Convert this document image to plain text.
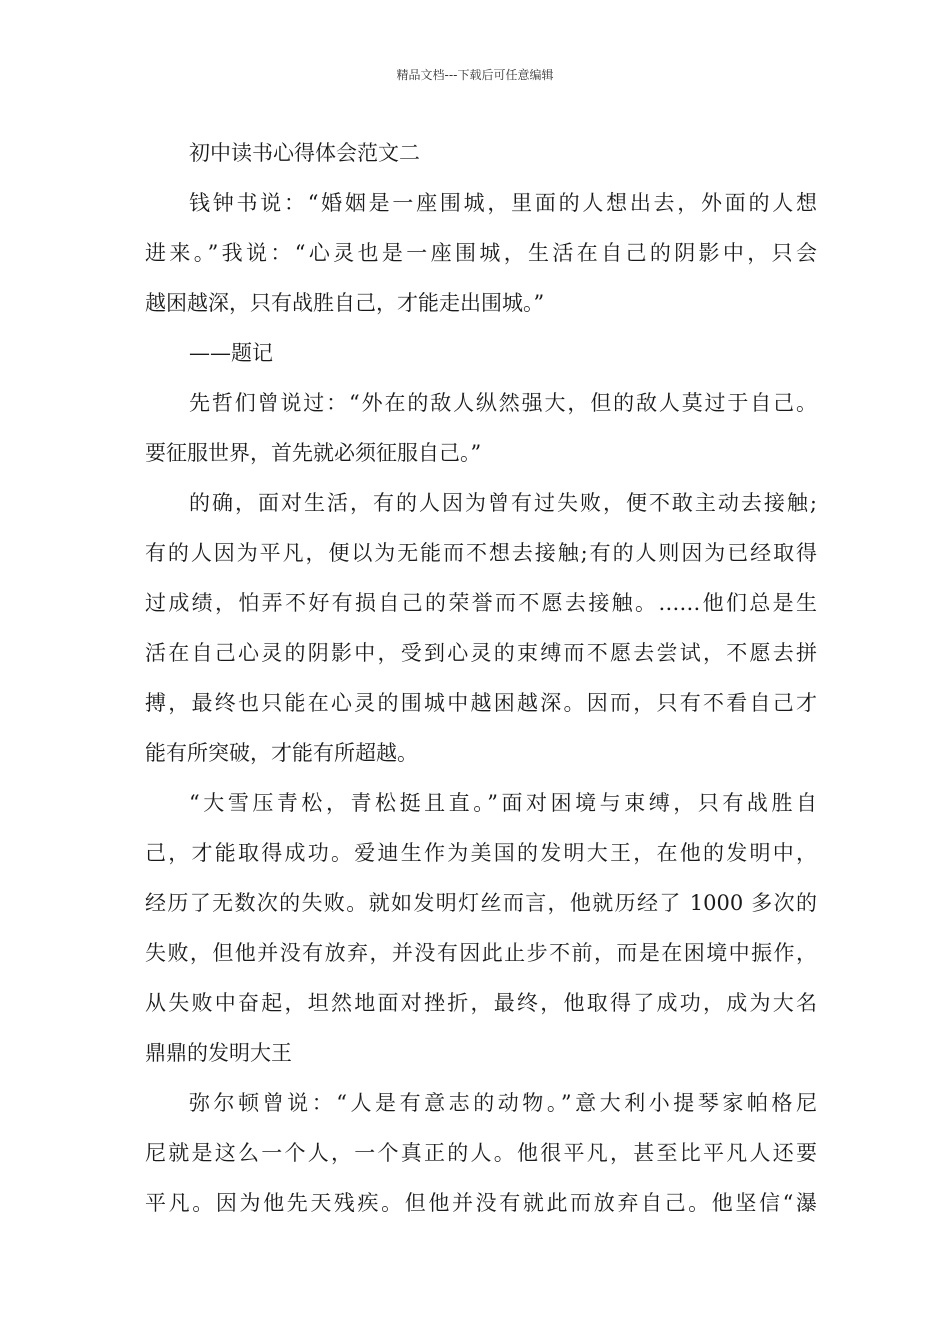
精品文档---下载后可任意编辑
初中读书心得体会范文二
钱钟书说：“婚姻是一座围城，里面的人想出去，外面的人想
进来。”我说：“心灵也是一座围城，生活在自己的阴影中，只会
越困越深，只有战胜自己，才能走出围城。”
——题记
先哲们曾说过：“外在的敌人纵然强大，但的敌人莫过于自己。
要征服世界，首先就必须征服自己。”
的确，面对生活，有的人因为曾有过失败，便不敢主动去接触;
有的人因为平凡，便以为无能而不想去接触;有的人则因为已经取得
过成绩，怕弄不好有损自己的荣誉而不愿去接触。……他们总是生
活在自己心灵的阴影中，受到心灵的束缚而不愿去尝试，不愿去拼
搏，最终也只能在心灵的围城中越困越深。因而，只有不看自己才
能有所突破，才能有所超越。
“大雪压青松，青松挺且直。”面对困境与束缚，只有战胜自
己，才能取得成功。爱迪生作为美国的发明大王，在他的发明中，
经历了无数次的失败。就如发明灯丝而言，他就历经了 1000 多次的
失败，但他并没有放弃，并没有因此止步不前，而是在困境中振作，
从失败中奋起，坦然地面对挫折，最终，他取得了成功，成为大名
鼎鼎的发明大王
弥尔顿曾说：“人是有意志的动物。”意大利小提琴家帕格尼
尼就是这么一个人，一个真正的人。他很平凡，甚至比平凡人还要
平凡。因为他先天残疾。但他并没有就此而放弃自己。他坚信“瀑
